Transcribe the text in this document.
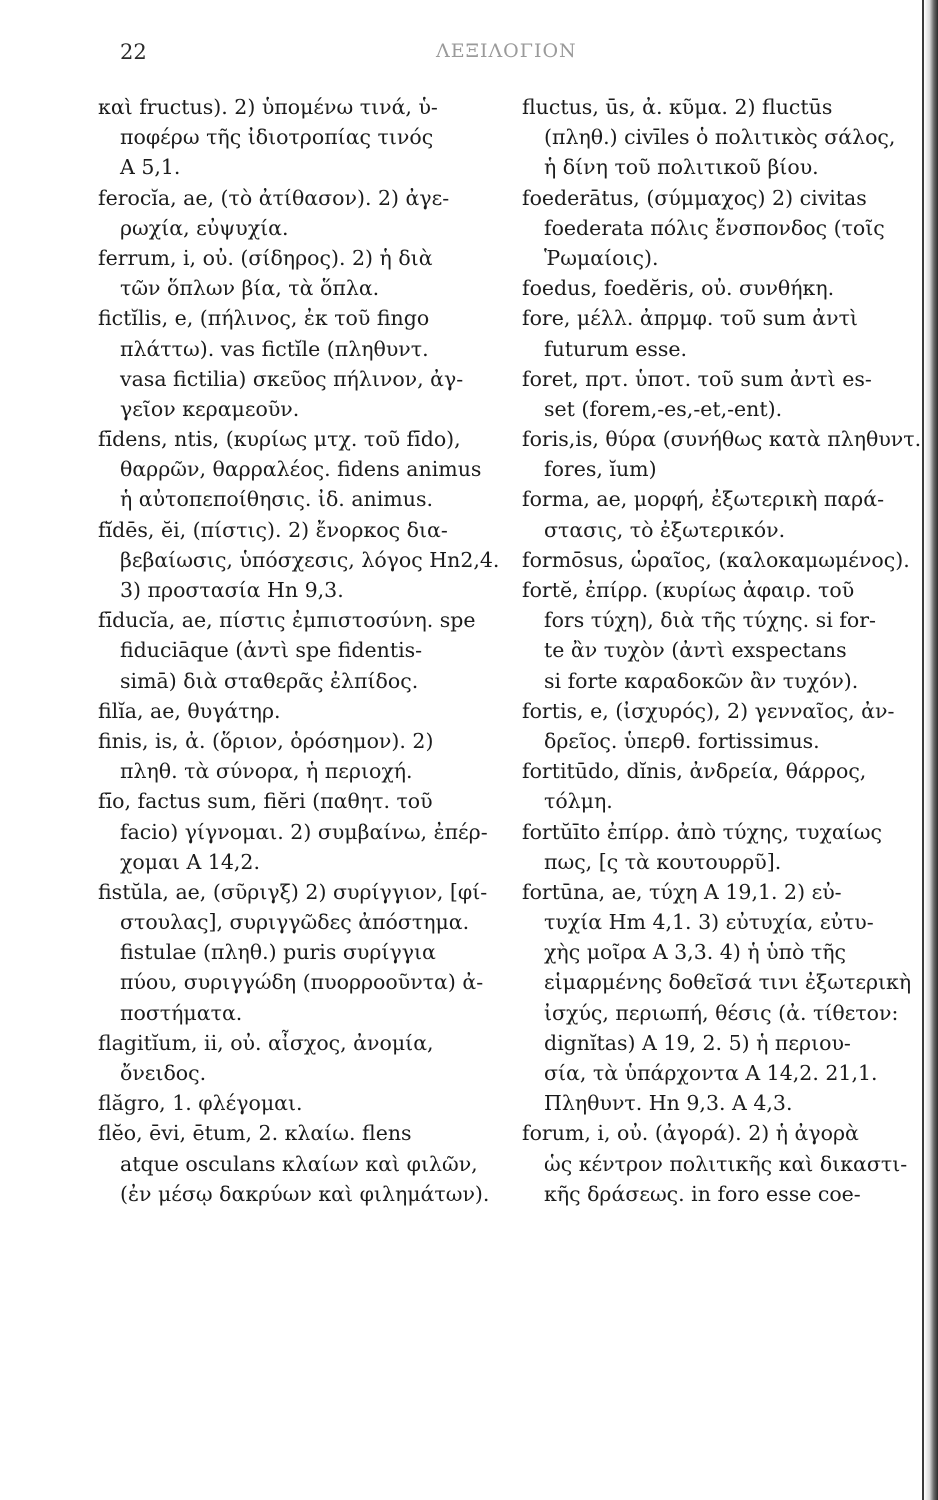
22	ΛΕΞΙΛΟΓΙΟΝ
καὶ fructus). 2) ὑπομένω τινά, ὑ-
ποφέρω τῆς ἰδιοτροπίας τινός
A 5,1.
ferocĭa, ae, (τὸ ἀτίθασον). 2) ἀγε-
ρωχία, εὐψυχία.
ferrum, i, οὐ. (σίδηρος). 2) ἡ διὰ
τῶν ὅπλων βία, τὰ ὅπλα.
fictĭlis, e, (πήλινος, ἐκ τοῦ fingo
πλάττω). vas fictĭle (πληθυντ.
vasa fictilia) σκεῦος πήλινον, ἀγ-
γεῖον κεραμεοῦν.
fīdens, ntis, (κυρίως μτχ. τοῦ fīdo),
θαρρῶν, θαρραλέος. fidens animus
ἡ αὐτοπεποίθησις. ἰδ. animus.
fĭdēs, ĕi, (πίστις). 2) ἔνορκος δια-
βεβαίωσις, ὑπόσχεσις, λόγος Hn2,4.
3) προστασία Hn 9,3.
fīducĭa, ae, πίστις ἐμπιστοσύνη. spe
fiduciāque (ἀντὶ spe fidentis-
simā) διὰ σταθερᾶς ἐλπίδος.
filĭa, ae, θυγάτηρ.
finis, is, ἀ. (ὅριον, ὁρόσημον). 2)
πληθ. τὰ σύνορα, ἡ περιοχή.
fīo, factus sum, fiĕri (παθητ. τοῦ
facio) γίγνομαι. 2) συμβαίνω, ἐπέρ-
χομαι A 14,2.
fistŭla, ae, (σῦριγξ) 2) συρίγγιον, [φί-
στουλας], συριγγῶδες ἀπόστημα.
fistulae (πληθ.) puris συρίγγια
πύου, συριγγώδη (πυορροοῦντα) ἀ-
ποστήματα.
flagitĭum, ii, οὐ. αἶσχος, ἀνομία,
ὄνειδος.
flăgro, 1. φλέγομαι.
flĕo, ēvi, ētum, 2. κλαίω. flens
atque osculans κλαίων καὶ φιλῶν,
(ἐν μέσῳ δακρύων καὶ φιλημάτων).
fluctus, ūs, ἀ. κῦμα. 2) fluctūs
(πληθ.) civīles ὁ πολιτικὸς σάλος,
ἡ δίνη τοῦ πολιτικοῦ βίου.
foederātus, (σύμμαχος) 2) civitas
foederata πόλις ἔνσπονδος (τοῖς
Ῥωμαίοις).
foedus, foedĕris, οὐ. συνθήκη.
fore, μέλλ. ἀπρμφ. τοῦ sum ἀντὶ
futurum esse.
foret, πρτ. ὑποτ. τοῦ sum ἀντὶ es-
set (forem,-es,-et,-ent).
foris,is, θύρα (συνήθως κατὰ πληθυντ.
fores, ĭum)
forma, ae, μορφή, ἐξωτερικὴ παρά-
στασις, τὸ ἐξωτερικόν.
formōsus, ὡραῖος, (καλοκαμωμένος).
fortĕ, ἐπίρρ. (κυρίως ἀφαιρ. τοῦ
fors τύχη), διὰ τῆς τύχης. si for-
te ἂν τυχὸν (ἀντὶ exspectans
si forte καραδοκῶν ἂν τυχόν).
fortis, e, (ἰσχυρός), 2) γενναῖος, ἀν-
δρεῖος. ὑπερθ. fortissimus.
fortitūdo, dĭnis, ἀνδρεία, θάρρος,
τόλμη.
fortŭīto ἐπίρρ. ἀπὸ τύχης, τυχαίως
πως, [ς τὰ κουτουρρῦ].
fortūna, ae, τύχη A 19,1. 2) εὐ-
τυχία Hm 4,1. 3) εὐτυχία, εὐτυ-
χὴς μοῖρα A 3,3. 4) ἡ ὑπὸ τῆς
εἱμαρμένης δοθεῖσά τινι ἐξωτερικὴ
ἰσχύς, περιωπή, θέσις (ἀ. τίθετον:
dignĭtas) A 19, 2. 5) ἡ περιου-
σία, τὰ ὑπάρχοντα A 14,2. 21,1.
Πληθυντ. Hn 9,3. A 4,3.
forum, i, οὐ. (ἀγορά). 2) ἡ ἀγορὰ
ὡς κέντρον πολιτικῆς καὶ δικαστι-
κῆς δράσεως. in foro esse coe-
